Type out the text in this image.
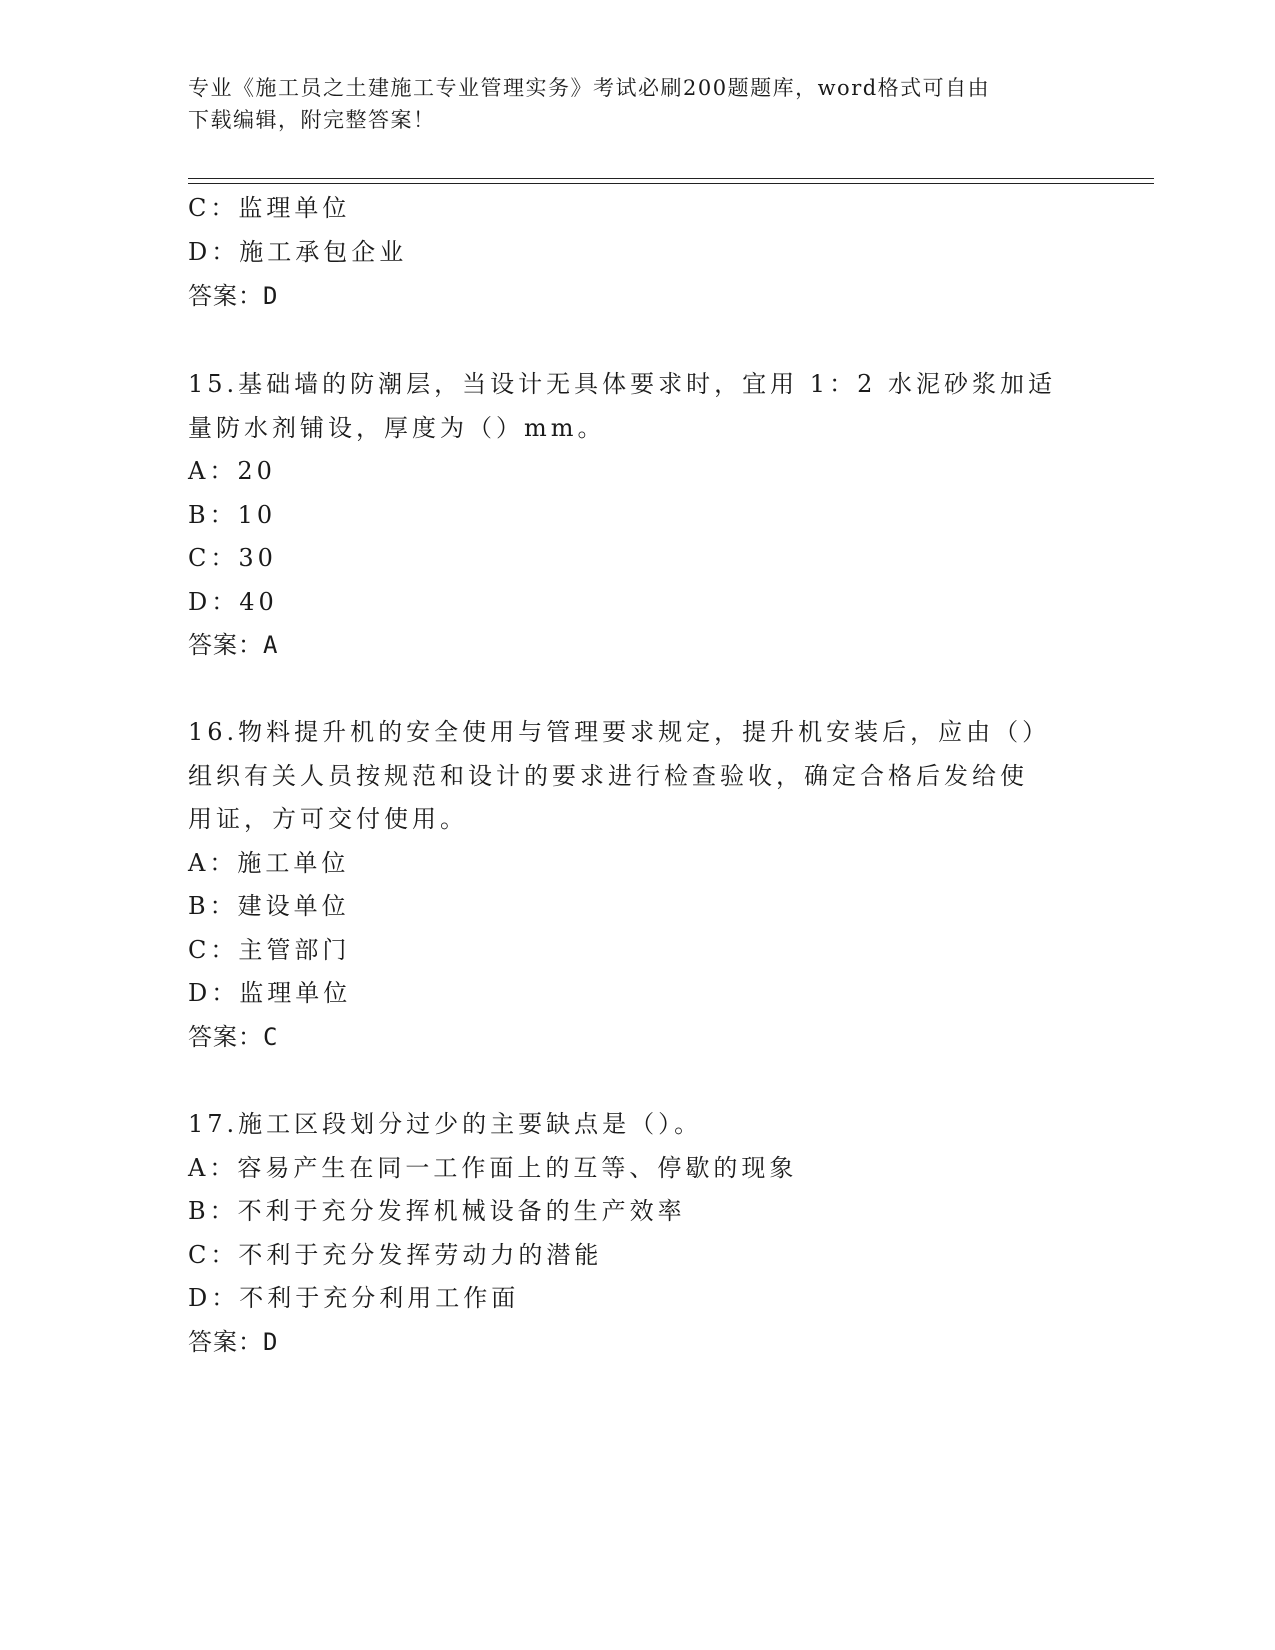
专业《施工员之土建施工专业管理实务》考试必刷200题题库，word格式可自由
下载编辑，附完整答案！
C：监理单位
D：施工承包企业
答案：D
15.基础墙的防潮层，当设计无具体要求时，宜用 1：2 水泥砂浆加适
量防水剂铺设，厚度为（）mm。
A：20
B：10
C：30
D：40
答案：A
16.物料提升机的安全使用与管理要求规定，提升机安装后，应由（）
组织有关人员按规范和设计的要求进行检查验收，确定合格后发给使
用证，方可交付使用。
A：施工单位
B：建设单位
C：主管部门
D：监理单位
答案：C
17.施工区段划分过少的主要缺点是（）。
A：容易产生在同一工作面上的互等、停歇的现象
B：不利于充分发挥机械设备的生产效率
C：不利于充分发挥劳动力的潜能
D：不利于充分利用工作面
答案：D
